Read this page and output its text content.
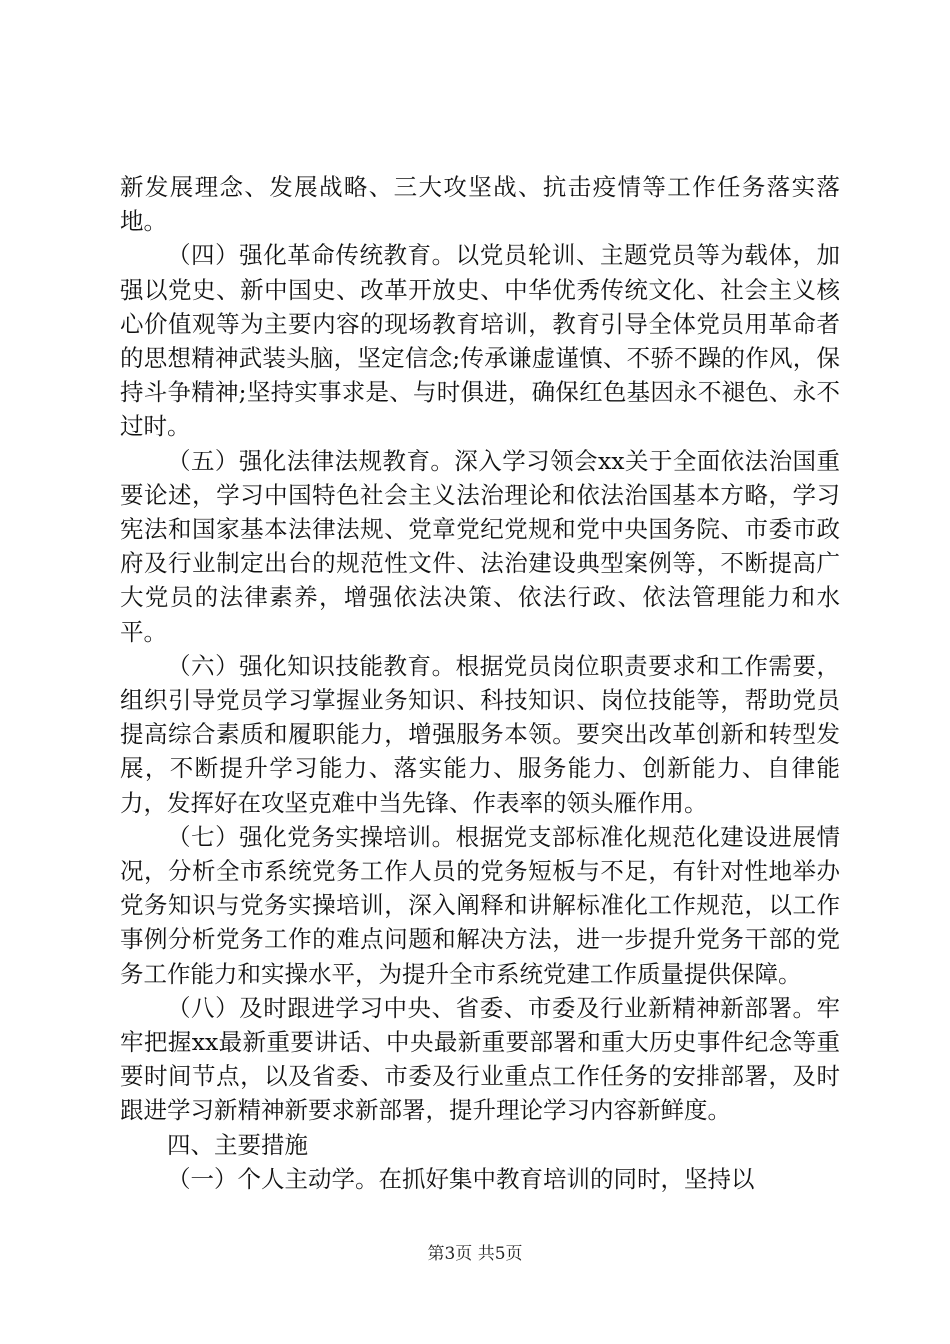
新发展理念、发展战略、三大攻坚战、抗击疫情等工作任务落实落地。

（四）强化革命传统教育。以党员轮训、主题党员等为载体，加强以党史、新中国史、改革开放史、中华优秀传统文化、社会主义核心价值观等为主要内容的现场教育培训，教育引导全体党员用革命者的思想精神武装头脑，坚定信念;传承谦虚谨慎、不骄不躁的作风，保持斗争精神;坚持实事求是、与时俱进，确保红色基因永不褪色、永不过时。

（五）强化法律法规教育。深入学习领会xx关于全面依法治国重要论述，学习中国特色社会主义法治理论和依法治国基本方略，学习宪法和国家基本法律法规、党章党纪党规和党中央国务院、市委市政府及行业制定出台的规范性文件、法治建设典型案例等，不断提高广大党员的法律素养，增强依法决策、依法行政、依法管理能力和水平。

（六）强化知识技能教育。根据党员岗位职责要求和工作需要，组织引导党员学习掌握业务知识、科技知识、岗位技能等，帮助党员提高综合素质和履职能力，增强服务本领。要突出改革创新和转型发展，不断提升学习能力、落实能力、服务能力、创新能力、自律能力，发挥好在攻坚克难中当先锋、作表率的领头雁作用。

（七）强化党务实操培训。根据党支部标准化规范化建设进展情况，分析全市系统党务工作人员的党务短板与不足，有针对性地举办党务知识与党务实操培训，深入阐释和讲解标准化工作规范，以工作事例分析党务工作的难点问题和解决方法，进一步提升党务干部的党务工作能力和实操水平，为提升全市系统党建工作质量提供保障。

（八）及时跟进学习中央、省委、市委及行业新精神新部署。牢牢把握xx最新重要讲话、中央最新重要部署和重大历史事件纪念等重要时间节点，以及省委、市委及行业重点工作任务的安排部署，及时跟进学习新精神新要求新部署，提升理论学习内容新鲜度。

四、主要措施

（一）个人主动学。在抓好集中教育培训的同时，坚持以

第3页 共5页
